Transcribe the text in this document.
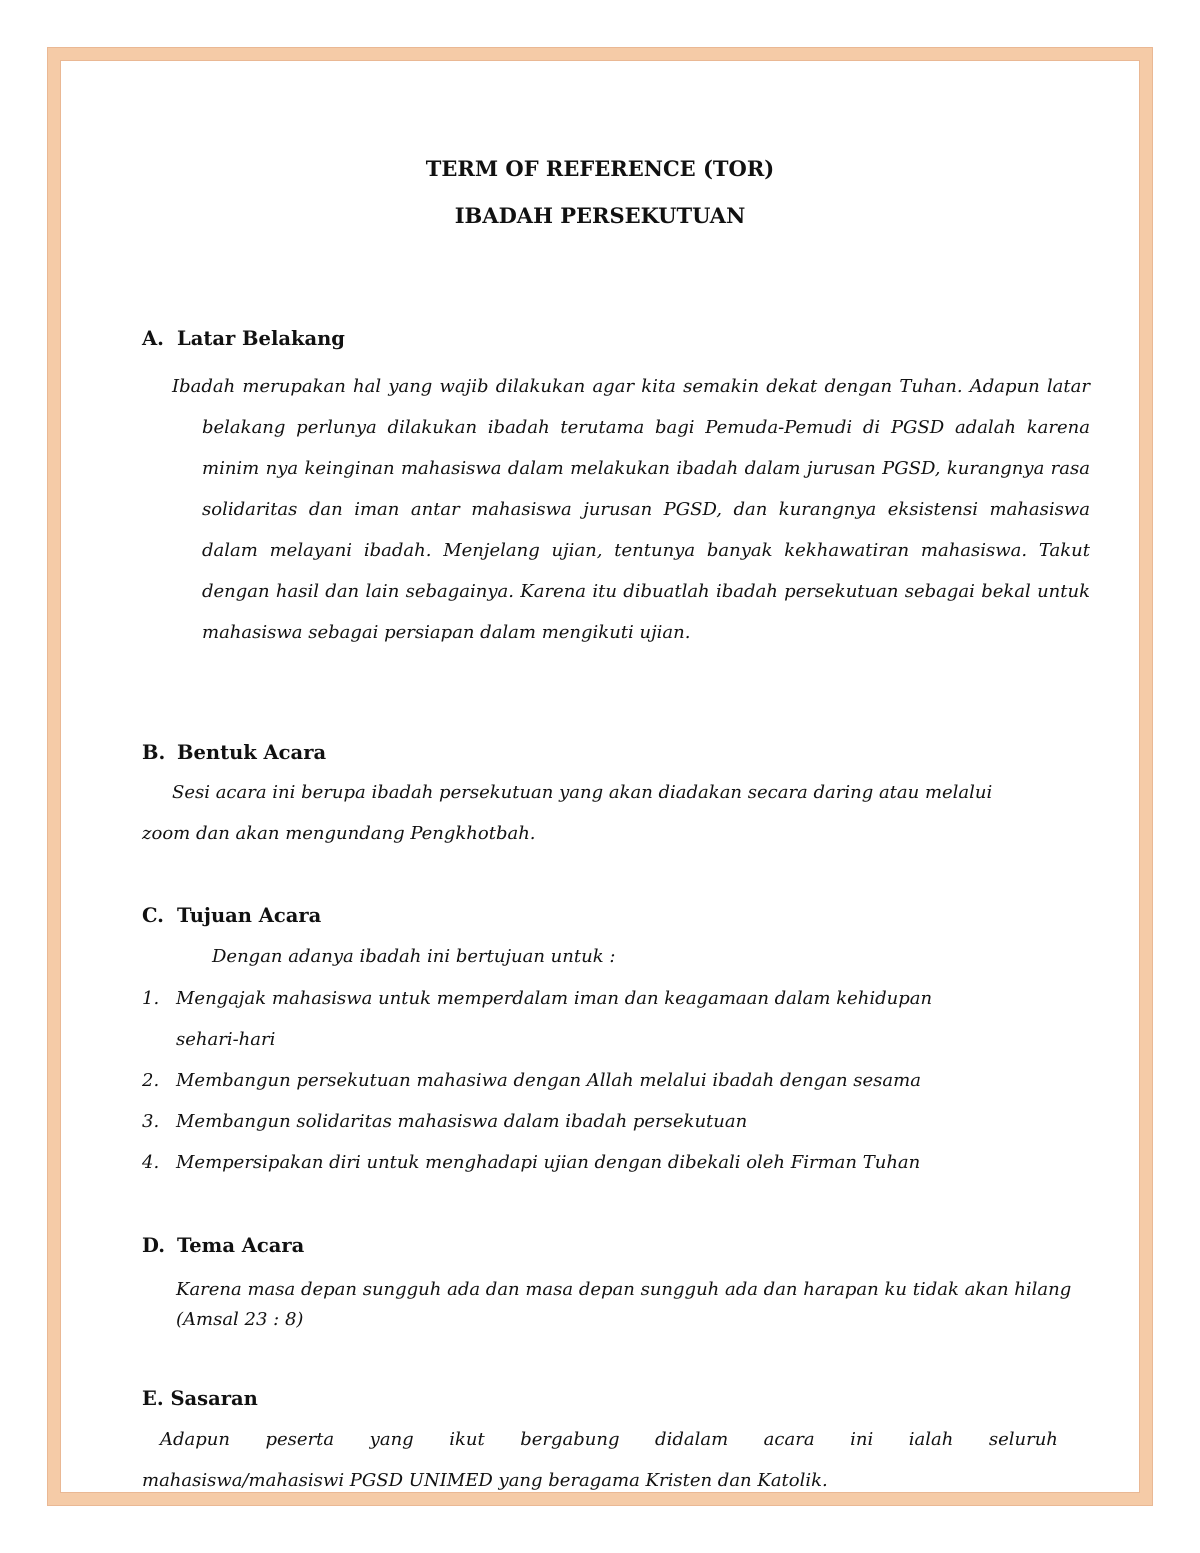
TERM OF REFERENCE (TOR)
IBADAH PERSEKUTUAN
A. Latar Belakang

Ibadah merupakan hal yang wajib dilakukan agar kita semakin dekat dengan Tuhan. Adapun latar belakang perlunya dilakukan ibadah terutama bagi Pemuda-Pemudi di PGSD adalah karena minim nya keinginan mahasiswa dalam melakukan ibadah dalam jurusan PGSD, kurangnya rasa solidaritas dan iman antar mahasiswa jurusan PGSD, dan kurangnya eksistensi mahasiswa dalam melayani ibadah. Menjelang ujian, tentunya banyak kekhawatiran mahasiswa. Takut dengan hasil dan lain sebagainya. Karena itu dibuatlah ibadah persekutuan sebagai bekal untuk mahasiswa sebagai persiapan dalam mengikuti ujian.

B. Bentuk Acara
Sesi acara ini berupa ibadah persekutuan yang akan diadakan secara daring atau melalui
zoom dan akan mengundang Pengkhotbah.
C. Tujuan Acara
Dengan adanya ibadah ini bertujuan untuk :
1. Mengajak mahasiswa untuk memperdalam iman dan keagamaan dalam kehidupan
sehari-hari
2. Membangun persekutuan mahasiwa dengan Allah melalui ibadah dengan sesama
3. Membangun solidaritas mahasiswa dalam ibadah persekutuan
4. Mempersipakan diri untuk menghadapi ujian dengan dibekali oleh Firman Tuhan
D. Tema Acara

Karena masa depan sungguh ada dan masa depan sungguh ada dan harapan ku tidak akan hilang (Amsal 23 : 8)

E. Sasaran
Adapun peserta yang ikut bergabung didalam acara ini ialah seluruh
mahasiswa/mahasiswi PGSD UNIMED yang beragama Kristen dan Katolik.
